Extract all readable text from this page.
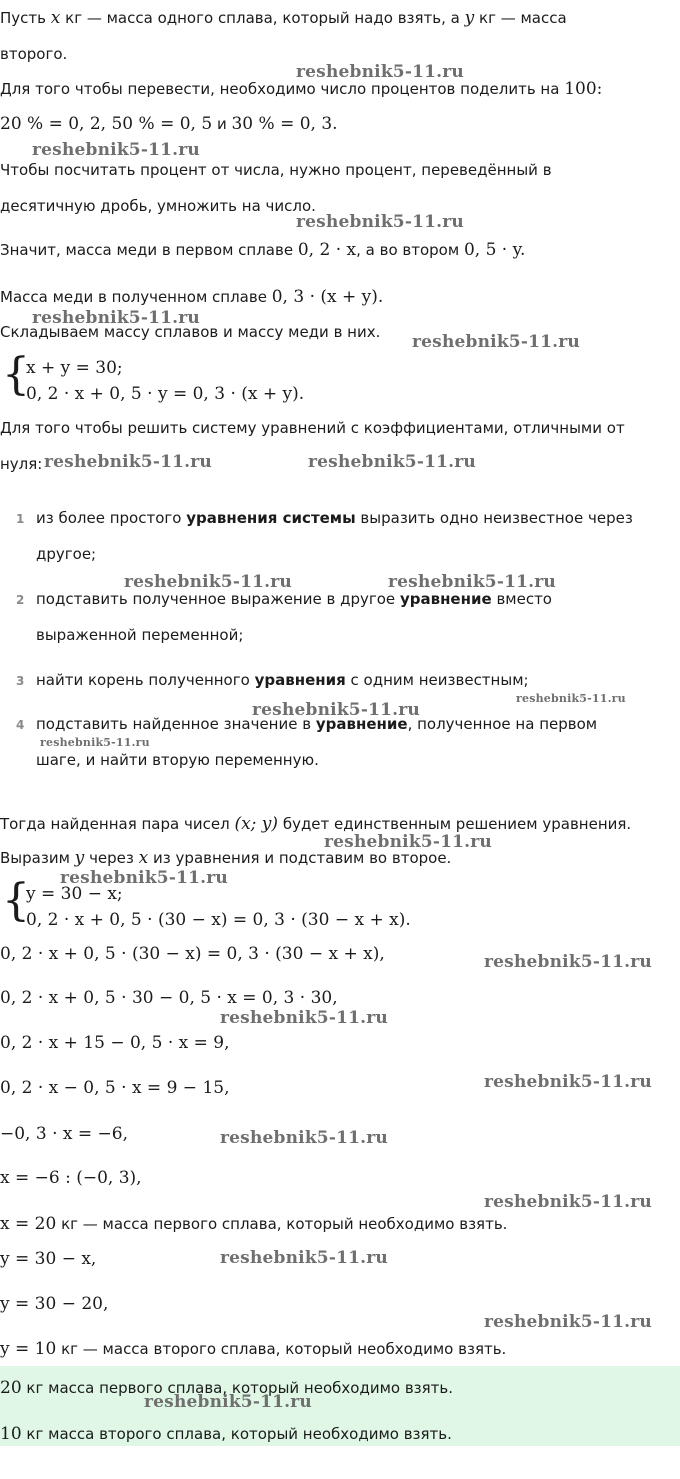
Пусть x кг — масса одного сплава, который надо взять, а y кг — масса
второго.
Для того чтобы перевести, необходимо число процентов поделить на 100:
20 % = 0, 2, 50 % = 0, 5 и 30 % = 0, 3.
Чтобы посчитать процент от числа, нужно процент, переведённый в
десятичную дробь, умножить на число.
Значит, масса меди в первом сплаве 0, 2 · x, а во втором 0, 5 · y.
Масса меди в полученном сплаве 0, 3 · (x + y).
Складываем массу сплавов и массу меди в них.
{
x + y = 30;
0, 2 · x + 0, 5 · y = 0, 3 · (x + y).
Для того чтобы решить систему уравнений с коэффициентами, отличными от
нуля:
1 из более простого уравнения системы выразить одно неизвестное через
другое;
2 подставить полученное выражение в другое уравнение вместо
выраженной переменной;
3 найти корень полученного уравнения с одним неизвестным;
4 подставить найденное значение в уравнение, полученное на первом
шаге, и найти вторую переменную.
Тогда найденная пара чисел (x; y) будет единственным решением уравнения.
Выразим y через x из уравнения и подставим во второе.
{
y = 30 − x;
0, 2 · x + 0, 5 · (30 − x) = 0, 3 · (30 − x + x).
0, 2 · x + 0, 5 · (30 − x) = 0, 3 · (30 − x + x),
0, 2 · x + 0, 5 · 30 − 0, 5 · x = 0, 3 · 30,
0, 2 · x + 15 − 0, 5 · x = 9,
0, 2 · x − 0, 5 · x = 9 − 15,
−0, 3 · x = −6,
x = −6 : (−0, 3),
x = 20 кг — масса первого сплава, который необходимо взять.
y = 30 − x,
y = 30 − 20,
y = 10 кг — масса второго сплава, который необходимо взять.
20 кг масса первого сплава, который необходимо взять.
10 кг масса второго сплава, который необходимо взять.
reshebnik5-11.ru
reshebnik5-11.ru
reshebnik5-11.ru
reshebnik5-11.ru
reshebnik5-11.ru
reshebnik5-11.ru	reshebnik5-11.ru
reshebnik5-11.ru	reshebnik5-11.ru
reshebnik5-11.ru
reshebnik5-11.ru
reshebnik5-11.ru
reshebnik5-11.ru
reshebnik5-11.ru
reshebnik5-11.ru
reshebnik5-11.ru
reshebnik5-11.ru
reshebnik5-11.ru
reshebnik5-11.ru
reshebnik5-11.ru
reshebnik5-11.ru
reshebnik5-11.ru
